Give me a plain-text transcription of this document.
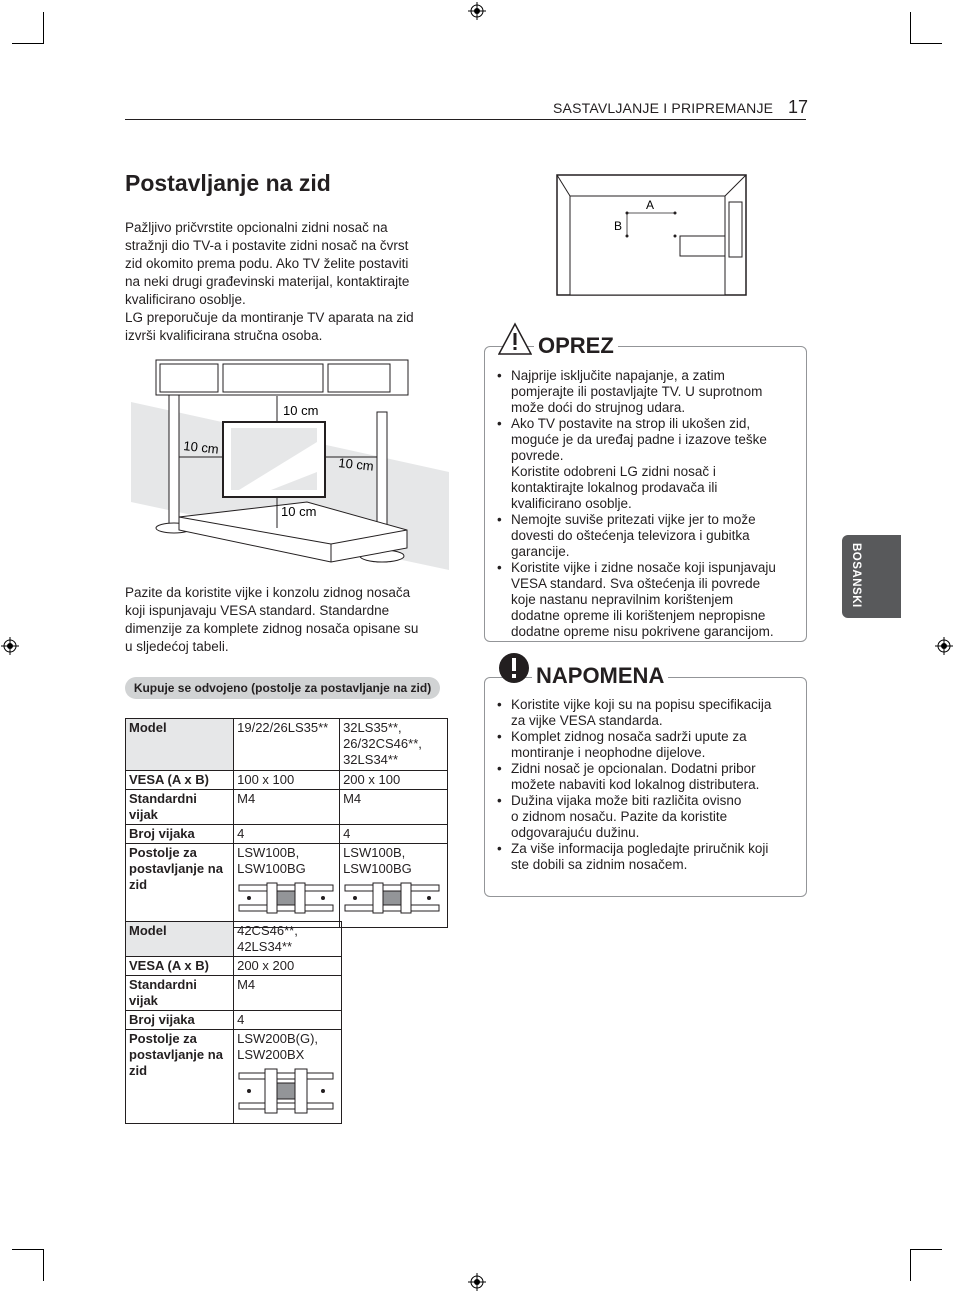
SASTAVLJANJE I PRIPREMANJE 17
BOSANSKI
Postavljanje na zid
Pažljivo pričvrstite opcionalni zidni nosač na
stražnji dio TV-a i postavite zidni nosač na čvrst
zid okomito prema podu. Ako TV želite postaviti
na neki drugi građevinski materijal, kontaktirajte
kvalificirano osoblje.
LG preporučuje da montiranje TV aparata na zid
izvrši kvalificirana stručna osoba.
10 cm
10 cm
10 cm
10 cm
Pazite da koristite vijke i konzolu zidnog nosača
koji ispunjavaju VESA standard. Standardne
dimenzije za komplete zidnog nosača opisane su
u sljedećoj tabeli.
Kupuje se odvojeno (postolje za postavljanje na zid)
Model	19/22/26LS35**	32LS35**,
26/32CS46**,
32LS34**

VESA (A x B)	100 x 100	200 x 100

Standardni
vijak	M4	M4
Broj vijaka	4	4

Postolje za
postavljanje na
zid	LSW100B,
LSW100BG	LSW100B,
LSW100BG
Model	42CS46**,
42LS34**

VESA (A x B)	200 x 200

Standardni
vijak	M4
Broj vijaka	4

Postolje za
postavljanje na
zid	LSW200B(G),
LSW200BX
A
B
OPREZ
• Najprije isključite napajanje, a zatim
pomjerajte ili postavljajte TV. U suprotnom
može doći do strujnog udara.
• Ako TV postavite na strop ili ukošen zid,
moguće je da uređaj padne i izazove teške
povrede.
Koristite odobreni LG zidni nosač i
kontaktirajte lokalnog prodavača ili
kvalificirano osoblje.
• Nemojte suviše pritezati vijke jer to može
dovesti do oštećenja televizora i gubitka
garancije.
• Koristite vijke i zidne nosače koji ispunjavaju
VESA standard. Sva oštećenja ili povrede
koje nastanu nepravilnim korištenjem
dodatne opreme ili korištenjem nepropisne
dodatne opreme nisu pokrivene garancijom.
NAPOMENA
• Koristite vijke koji su na popisu specifikacija
za vijke VESA standarda.
• Komplet zidnog nosača sadrži upute za
montiranje i neophodne dijelove.
• Zidni nosač je opcionalan. Dodatni pribor
možete nabaviti kod lokalnog distributera.
• Dužina vijaka može biti različita ovisno
o zidnom nosaču. Pazite da koristite
odgovarajuću dužinu.
• Za više informacija pogledajte priručnik koji
ste dobili sa zidnim nosačem.
